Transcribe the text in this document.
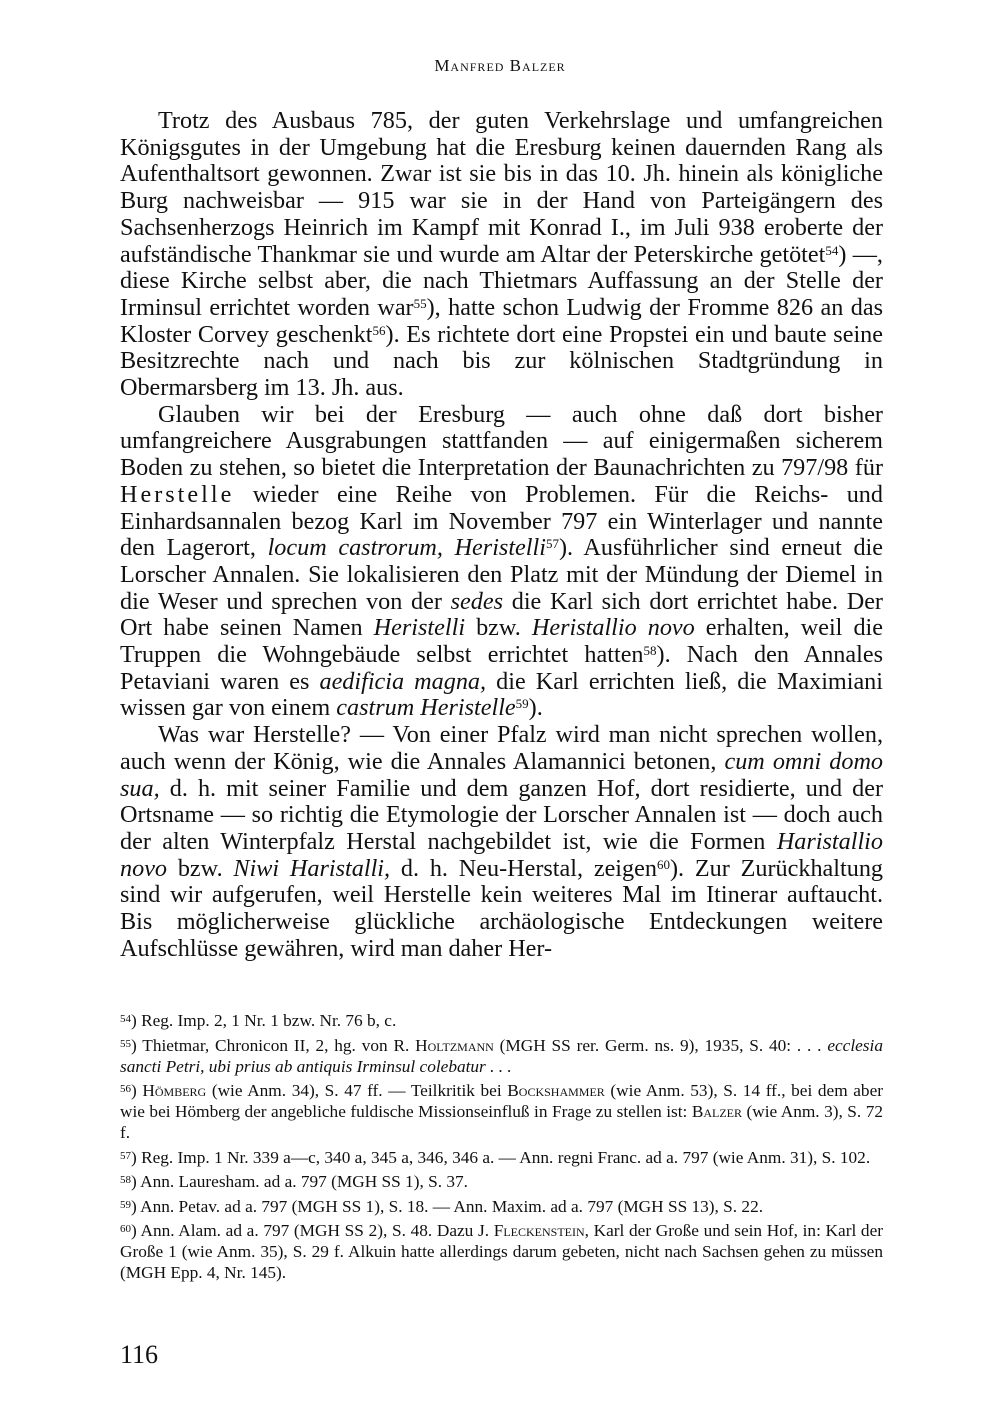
Manfred Balzer

Trotz des Ausbaus 785, der guten Verkehrslage und umfangreichen Königsgutes in der Umgebung hat die Eresburg keinen dauernden Rang als Aufenthaltsort gewonnen. Zwar ist sie bis in das 10. Jh. hinein als königliche Burg nachweisbar — 915 war sie in der Hand von Parteigängern des Sachsenherzogs Heinrich im Kampf mit Konrad I., im Juli 938 eroberte der aufständische Thankmar sie und wurde am Altar der Peterskirche getötet$^{54}$) —, diese Kirche selbst aber, die nach Thietmars Auffassung an der Stelle der Irminsul errichtet worden war$^{55}$), hatte schon Ludwig der Fromme 826 an das Kloster Corvey geschenkt$^{56}$). Es richtete dort eine Propstei ein und baute seine Besitzrechte nach und nach bis zur kölnischen Stadtgründung in Obermarsberg im 13. Jh. aus.

Glauben wir bei der Eresburg — auch ohne daß dort bisher umfangreichere Ausgrabungen stattfanden — auf einigermaßen sicherem Boden zu stehen, so bietet die Interpretation der Baunachrichten zu 797/98 für Herstelle wieder eine Reihe von Problemen. Für die Reichs- und Einhardsannalen bezog Karl im November 797 ein Winterlager und nannte den Lagerort, locum castrorum, Heristelli$^{57}$). Ausführlicher sind erneut die Lorscher Annalen. Sie lokalisieren den Platz mit der Mündung der Diemel in die Weser und sprechen von der sedes die Karl sich dort errichtet habe. Der Ort habe seinen Namen Heristelli bzw. Heristallio novo erhalten, weil die Truppen die Wohngebäude selbst errichtet hatten$^{58}$). Nach den Annales Petaviani waren es aedificia magna, die Karl errichten ließ, die Maximiani wissen gar von einem castrum Heristelle$^{59}$).

Was war Herstelle? — Von einer Pfalz wird man nicht sprechen wollen, auch wenn der König, wie die Annales Alamannici betonen, cum omni domo sua, d. h. mit seiner Familie und dem ganzen Hof, dort residierte, und der Ortsname — so richtig die Etymologie der Lorscher Annalen ist — doch auch der alten Winterpfalz Herstal nachgebildet ist, wie die Formen Haristallio novo bzw. Niwi Haristalli, d. h. Neu-Herstal, zeigen$^{60}$). Zur Zurückhaltung sind wir aufgerufen, weil Herstelle kein weiteres Mal im Itinerar auftaucht. Bis möglicherweise glückliche archäologische Entdeckungen weitere Aufschlüsse gewähren, wird man daher Her-

$^{54}$) Reg. Imp. 2, 1 Nr. 1 bzw. Nr. 76 b, c.
$^{55}$) Thietmar, Chronicon II, 2, hg. von R. Holtzmann (MGH SS rer. Germ. ns. 9), 1935, S. 40: . . . ecclesia sancti Petri, ubi prius ab antiquis Irminsul colebatur . . .
$^{56}$) Hömberg (wie Anm. 34), S. 47 ff. — Teilkritik bei Bockshammer (wie Anm. 53), S. 14 ff., bei dem aber wie bei Hömberg der angebliche fuldische Missionseinfluß in Frage zu stellen ist: Balzer (wie Anm. 3), S. 72 f.
$^{57}$) Reg. Imp. 1 Nr. 339 a—c, 340 a, 345 a, 346, 346 a. — Ann. regni Franc. ad a. 797 (wie Anm. 31), S. 102.
$^{58}$) Ann. Lauresham. ad a. 797 (MGH SS 1), S. 37.
$^{59}$) Ann. Petav. ad a. 797 (MGH SS 1), S. 18. — Ann. Maxim. ad a. 797 (MGH SS 13), S. 22.
$^{60}$) Ann. Alam. ad a. 797 (MGH SS 2), S. 48. Dazu J. Fleckenstein, Karl der Große und sein Hof, in: Karl der Große 1 (wie Anm. 35), S. 29 f. Alkuin hatte allerdings darum gebeten, nicht nach Sachsen gehen zu müssen (MGH Epp. 4, Nr. 145).
116
